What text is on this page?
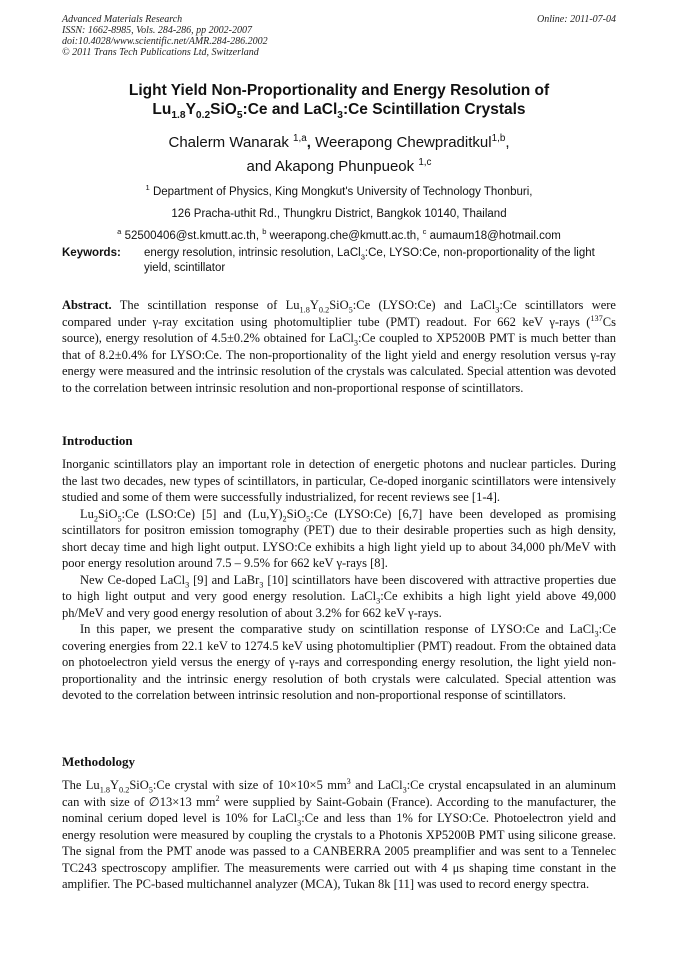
Advanced Materials Research
ISSN: 1662-8985, Vols. 284-286, pp 2002-2007
doi:10.4028/www.scientific.net/AMR.284-286.2002
© 2011 Trans Tech Publications Ltd, Switzerland
Online: 2011-07-04
Light Yield Non-Proportionality and Energy Resolution of
$Lu_{1.8}Y_{0.2}SiO_5:Ce$ and LaCl$_3$:Ce Scintillation Crystals
Chalerm Wanarak $^{1,a}$, Weerapong Chewpraditkul$^{1,b}$,
and Akapong Phunpueok $^{1,c}$
$^1$ Department of Physics, King Mongkut's University of Technology Thonburi,
126 Pracha-uthit Rd., Thungkru District, Bangkok 10140, Thailand
$^a$ 52500406@st.kmutt.ac.th, $^b$ weerapong.che@kmutt.ac.th, $^c$ aumaum18@hotmail.com
Keywords: energy resolution, intrinsic resolution, LaCl$_3$:Ce, LYSO:Ce, non-proportionality of the light yield, scintillator

Abstract. The scintillation response of $Lu_{1.8}Y_{0.2}SiO_5:Ce$ (LYSO:Ce) and LaCl$_3$:Ce scintillators were compared under γ-ray excitation using photomultiplier tube (PMT) readout. For 662 keV γ-rays ($^{137}$Cs source), energy resolution of 4.5±0.2% obtained for LaCl$_3$:Ce coupled to XP5200B PMT is much better than that of 8.2±0.4% for LYSO:Ce. The non-proportionality of the light yield and energy resolution versus γ-ray energy were measured and the intrinsic resolution of the crystals was calculated. Special attention was devoted to the correlation between intrinsic resolution and non-proportional response of scintillators.

Introduction

Inorganic scintillators play an important role in detection of energetic photons and nuclear particles. During the last two decades, new types of scintillators, in particular, Ce-doped inorganic scintillators were intensively studied and some of them were successfully industrialized, for recent reviews see [1-4].

$Lu_2SiO_5:Ce$ (LSO:Ce) [5] and $(Lu,Y)_2SiO_5:Ce$ (LYSO:Ce) [6,7] have been developed as promising scintillators for positron emission tomography (PET) due to their desirable properties such as high density, short decay time and high light output. LYSO:Ce exhibits a high light yield up to about 34,000 ph/MeV with poor energy resolution around 7.5 – 9.5% for 662 keV γ-rays [8].

New Ce-doped LaCl$_3$ [9] and LaBr$_3$ [10] scintillators have been discovered with attractive properties due to high light output and very good energy resolution. LaCl$_3$:Ce exhibits a high light yield above 49,000 ph/MeV and very good energy resolution of about 3.2% for 662 keV γ-rays.

In this paper, we present the comparative study on scintillation response of LYSO:Ce and LaCl$_3$:Ce covering energies from 22.1 keV to 1274.5 keV using photomultiplier (PMT) readout. From the obtained data on photoelectron yield versus the energy of γ-rays and corresponding energy resolution, the light yield non-proportionality and the intrinsic energy resolution of both crystals were calculated. Special attention was devoted to the correlation between intrinsic resolution and non-proportional response of scintillators.

Methodology

The $Lu_{1.8}Y_{0.2}SiO_5:Ce$ crystal with size of 10×10×5 $mm^3$ and LaCl$_3$:Ce crystal encapsulated in an aluminum can with size of ∅13×13 $mm^2$ were supplied by Saint-Gobain (France). According to the manufacturer, the nominal cerium doped level is 10% for LaCl$_3$:Ce and less than 1% for LYSO:Ce. Photoelectron yield and energy resolution were measured by coupling the crystals to a Photonis XP5200B PMT using silicone grease. The signal from the PMT anode was passed to a CANBERRA 2005 preamplifier and was sent to a Tennelec TC243 spectroscopy amplifier. The measurements were carried out with 4 μs shaping time constant in the amplifier. The PC-based multichannel analyzer (MCA), Tukan 8k [11] was used to record energy spectra.
